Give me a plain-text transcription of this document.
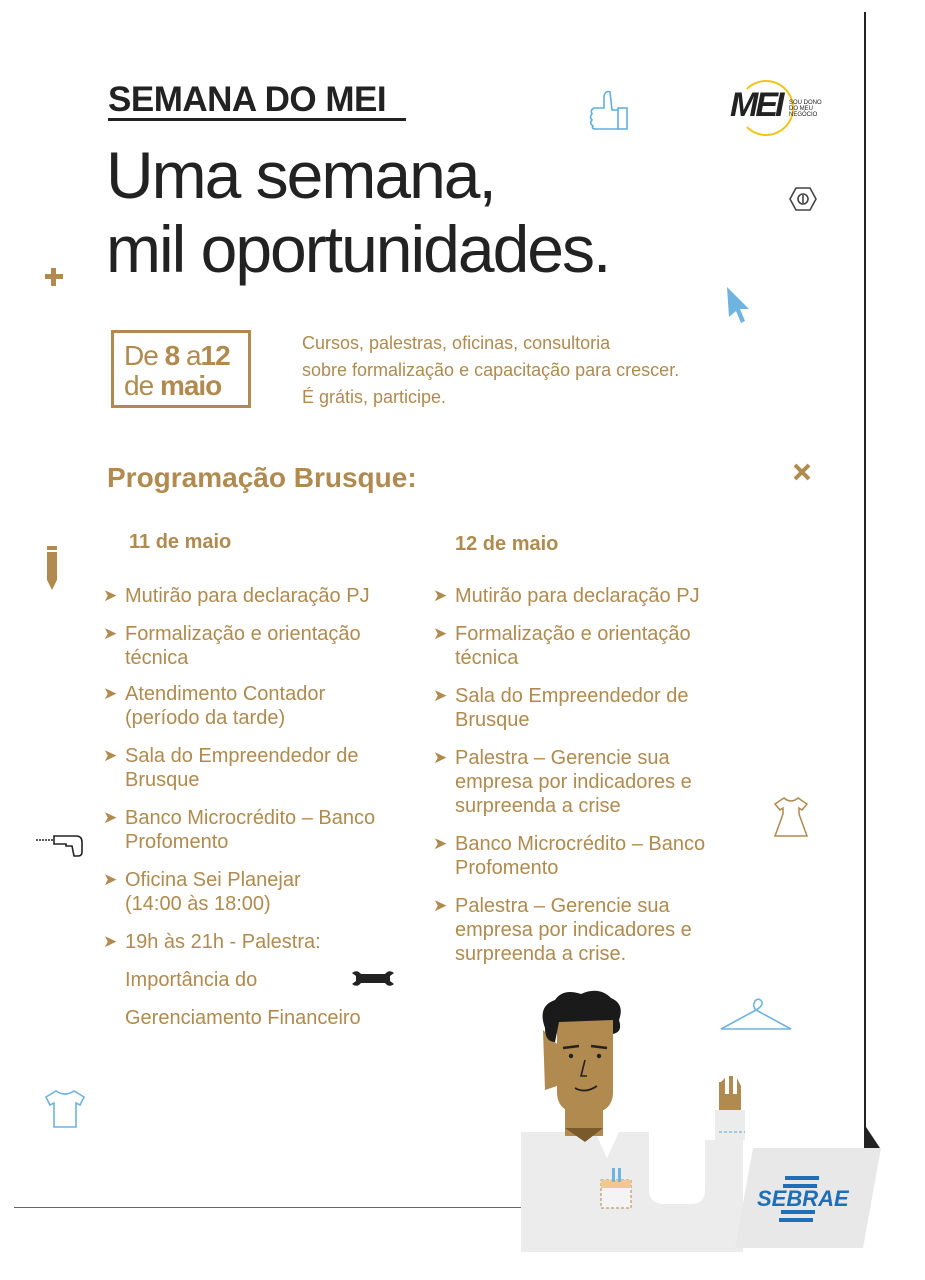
SEMANA DO MEI
Uma semana,
mil oportunidades.
MEI SOU DONO DO MEU NEGÓCIO
De 8 a12
de maio
Cursos, palestras, oficinas, consultoria
sobre formalização e capacitação para crescer.
É grátis, participe.
Programação Brusque:
11 de maio
➤ Mutirão para declaração PJ
➤ Formalização e orientação técnica
➤ Atendimento Contador (período da tarde)
➤ Sala do Empreendedor de Brusque
➤ Banco Microcrédito – Banco Profomento
➤ Oficina Sei Planejar (14:00 às 18:00)
➤ 19h às 21h - Palestra:
Importância do
Gerenciamento Financeiro
12 de maio
➤ Mutirão para declaração PJ
➤ Formalização e orientação técnica
➤ Sala do Empreendedor de Brusque
➤ Palestra – Gerencie sua empresa por indicadores e surpreenda a crise
➤ Banco Microcrédito – Banco Profomento
➤ Palestra – Gerencie sua empresa por indicadores e surpreenda a crise.
SEBRAE
